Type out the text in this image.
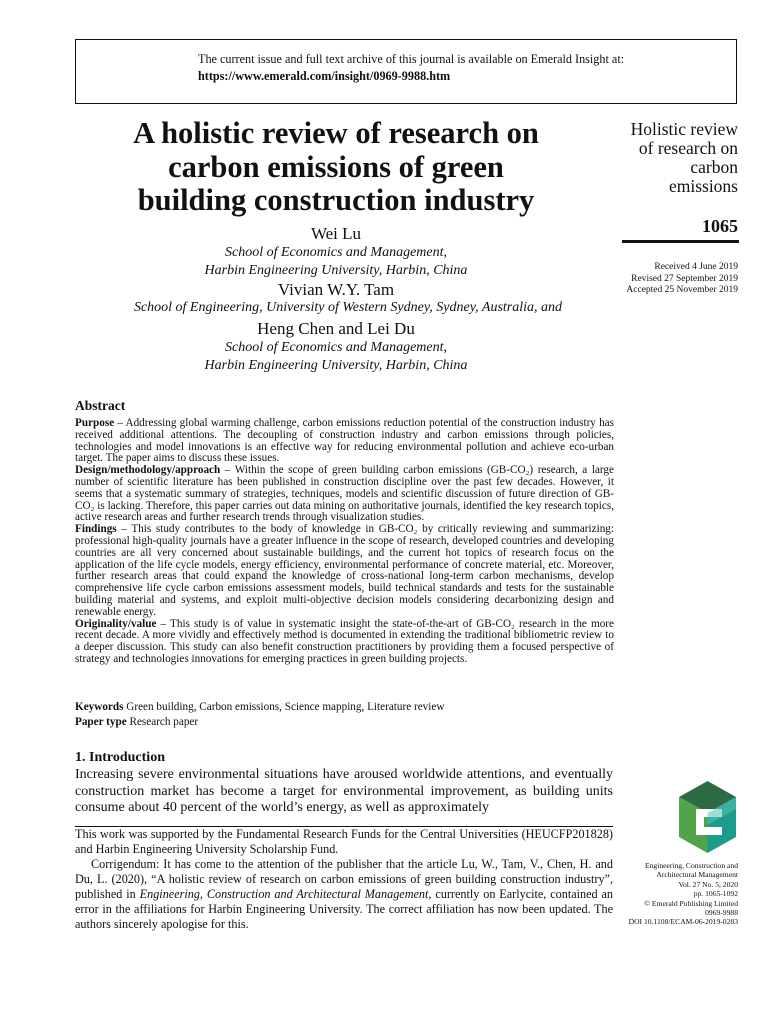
The current issue and full text archive of this journal is available on Emerald Insight at:
https://www.emerald.com/insight/0969-9988.htm
A holistic review of research on
carbon emissions of green
building construction industry
Holistic review
of research on
carbon
emissions
1065
Received 4 June 2019
Revised 27 September 2019
Accepted 25 November 2019
Wei Lu
School of Economics and Management,
Harbin Engineering University, Harbin, China
Vivian W.Y. Tam
School of Engineering, University of Western Sydney, Sydney, Australia, and
Heng Chen and Lei Du
School of Economics and Management,
Harbin Engineering University, Harbin, China
Abstract

Purpose – Addressing global warming challenge, carbon emissions reduction potential of the construction industry has received additional attentions. The decoupling of construction industry and carbon emissions through policies, technologies and model innovations is an effective way for reducing environmental pollution and achieve eco-urban target. The paper aims to discuss these issues.

Design/methodology/approach – Within the scope of green building carbon emissions (GB-CO₂) research, a large number of scientific literature has been published in construction discipline over the past few decades. However, it seems that a systematic summary of strategies, techniques, models and scientific discussion of future direction of GB-CO₂ is lacking. Therefore, this paper carries out data mining on authoritative journals, identified the key research topics, active research areas and further research trends through visualization studies.

Findings – This study contributes to the body of knowledge in GB-CO₂ by critically reviewing and summarizing: professional high-quality journals have a greater influence in the scope of research, developed countries and developing countries are all very concerned about sustainable buildings, and the current hot topics of research focus on the application of the life cycle models, energy efficiency, environmental performance of concrete material, etc. Moreover, further research areas that could expand the knowledge of cross-national long-term carbon mechanisms, develop comprehensive life cycle carbon emissions assessment models, build technical standards and tests for the sustainable building material and systems, and exploit multi-objective decision models considering decarbonizing design and renewable energy.

Originality/value – This study is of value in systematic insight the state-of-the-art of GB-CO₂ research in the more recent decade. A more vividly and effectively method is documented in extending the traditional bibliometric review to a deeper discussion. This study can also benefit construction practitioners by providing them a focused perspective of strategy and technologies innovations for emerging practices in green building projects.

Keywords Green building, Carbon emissions, Science mapping, Literature review
Paper type Research paper
1. Introduction
Increasing severe environmental situations have aroused worldwide attentions, and eventually construction market has become a target for environmental improvement, as building units consume about 40 percent of the world’s energy, as well as approximately

This work was supported by the Fundamental Research Funds for the Central Universities (HEUCFP201828) and Harbin Engineering University Scholarship Fund.

Corrigendum: It has come to the attention of the publisher that the article Lu, W., Tam, V., Chen, H. and Du, L. (2020), “A holistic review of research on carbon emissions of green building construction industry”, published in Engineering, Construction and Architectural Management, currently on Earlycite, contained an error in the affiliations for Harbin Engineering University. The correct affiliation has now been updated. The authors sincerely apologise for this.

Engineering, Construction and
Architectural Management
Vol. 27 No. 5, 2020
pp. 1065-1092
© Emerald Publishing Limited
0969-9988
DOI 10.1108/ECAM-06-2019-0283
